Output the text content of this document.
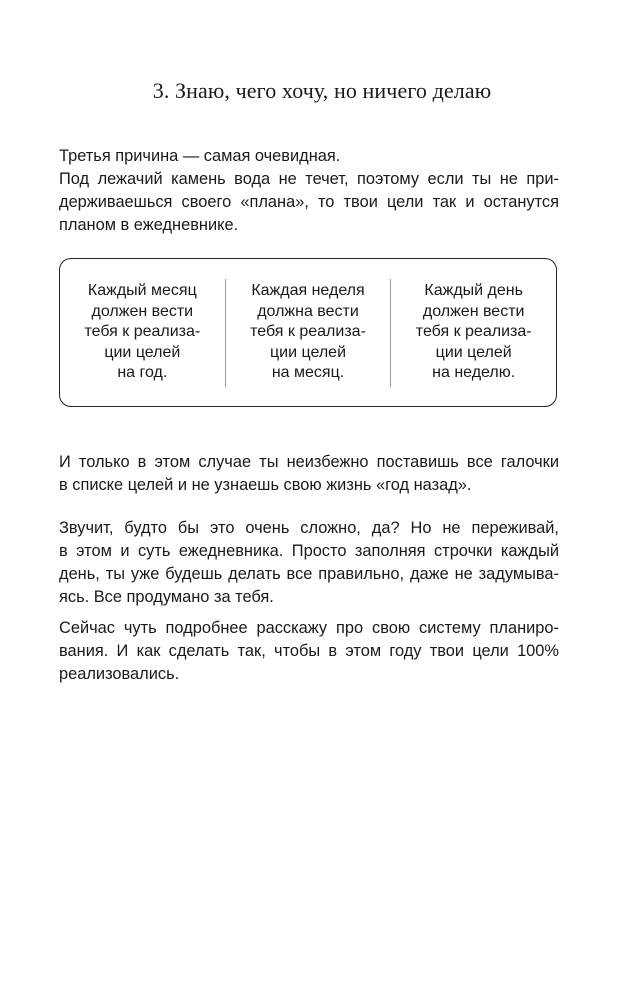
3. Знаю, чего хочу, но ничего делаю
Третья причина — самая очевидная.
Под лежачий камень вода не течет, поэтому если ты не при-
держиваешься своего «плана», то твои цели так и останутся
планом в ежедневнике.
Каждый месяц
должен вести
тебя к реализа-
ции целей
на год.
Каждая неделя
должна вести
тебя к реализа-
ции целей
на месяц.
Каждый день
должен вести
тебя к реализа-
ции целей
на неделю.
И только в этом случае ты неизбежно поставишь все галочки
в списке целей и не узнаешь свою жизнь «год назад».
Звучит, будто бы это очень сложно, да? Но не переживай,
в этом и суть ежедневника. Просто заполняя строчки каждый
день, ты уже будешь делать все правильно, даже не задумыва-
ясь. Все продумано за тебя.
Сейчас чуть подробнее расскажу про свою систему планиро-
вания. И как сделать так, чтобы в этом году твои цели 100%
реализовались.
